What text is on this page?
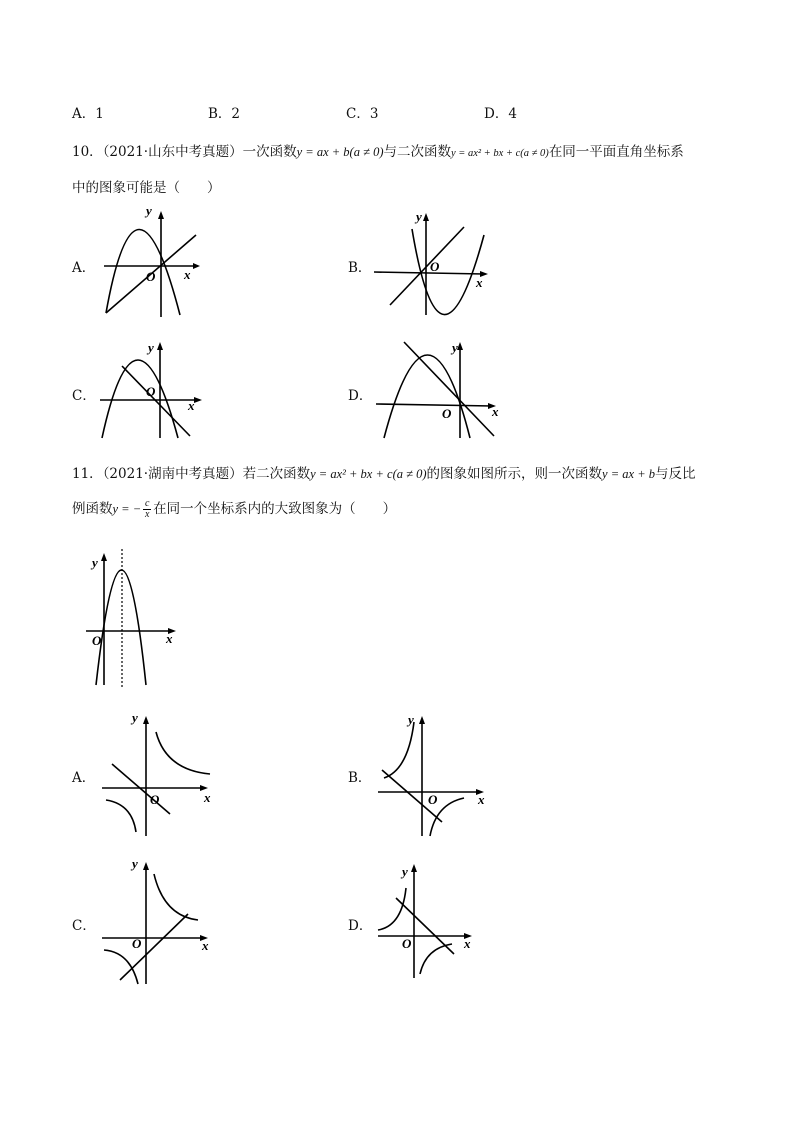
A．1	B．2	C．3	D．4
10．（2021·山东中考真题）一次函数y = ax + b(a ≠ 0)与二次函数y = ax² + bx + c(a ≠ 0)在同一平面直角坐标系
中的图象可能是（　　）
A．
y
x
O
B．
y
x
O
C．
y
x
O	D．
y
x
O
11．（2021·湖南中考真题）若二次函数y = ax² + bx + c(a ≠ 0)的图象如图所示，则一次函数y = ax + b与反比
例函数y = − $\frac{c}{x}$ 在同一个坐标系内的大致图象为（　　）
y
x
O
A．
y
x
O
B．
y
x
O
C．
y
x
O
D．
y
x
O
